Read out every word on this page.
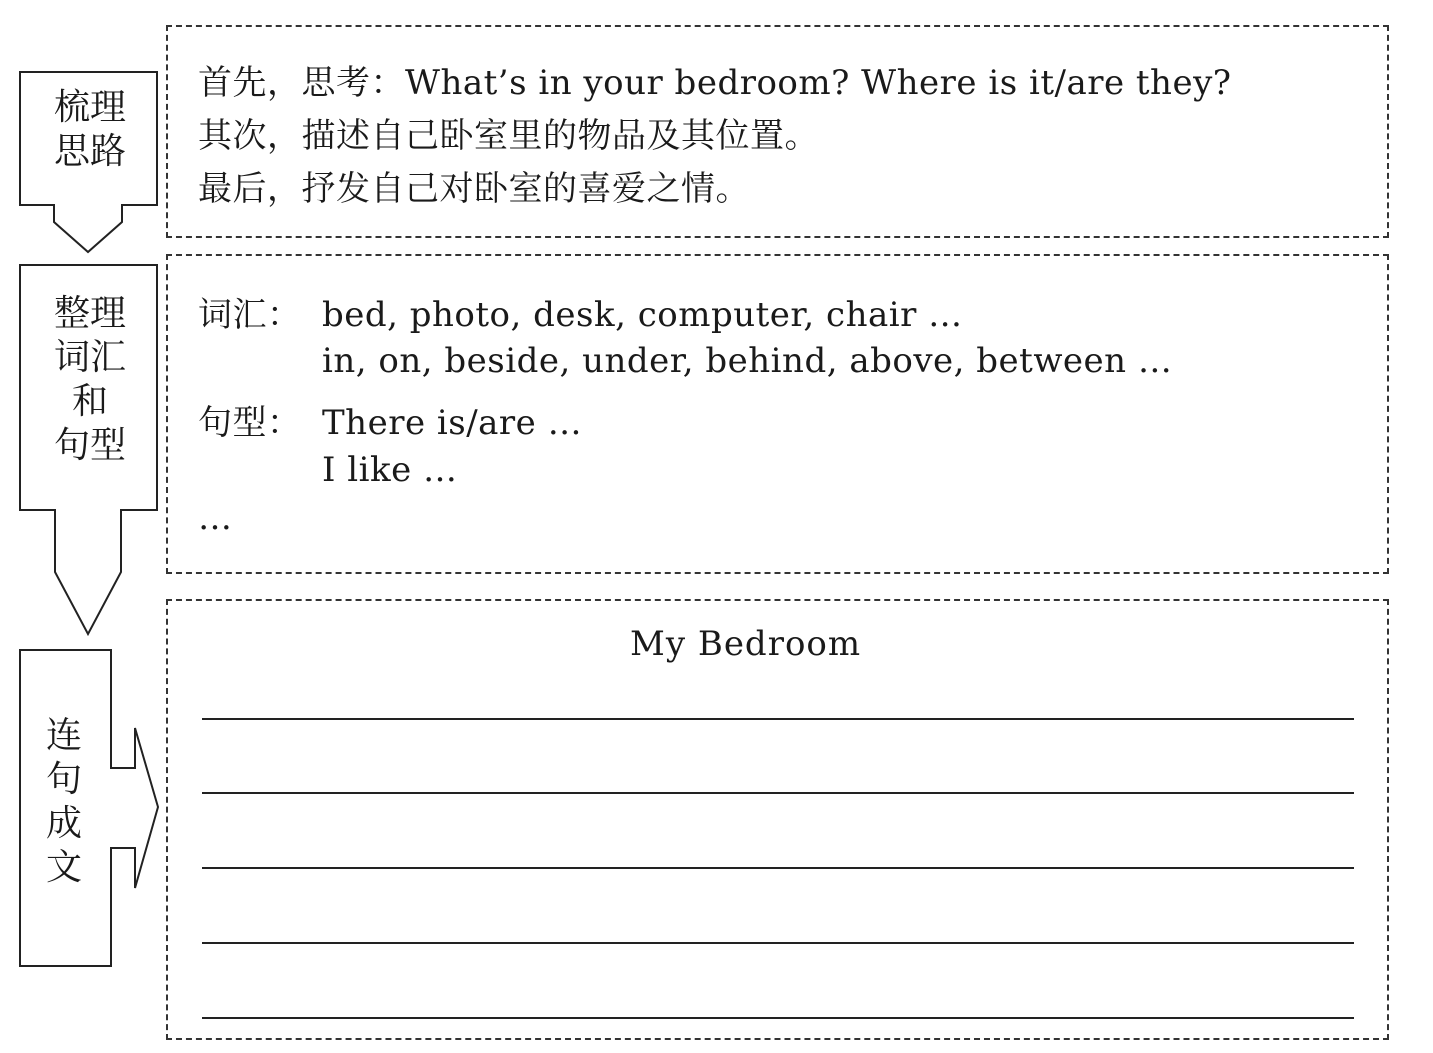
梳理
思路
整理
词汇
和
句型
连
句
成
文
首先，思考：What’s in your bedroom? Where is it/are they?
其次，描述自己卧室里的物品及其位置。
最后，抒发自己对卧室的喜爱之情。
词汇： bed, photo, desk, computer, chair …
in, on, beside, under, behind, above, between …
句型： There is/are …
I like …
…
My Bedroom
